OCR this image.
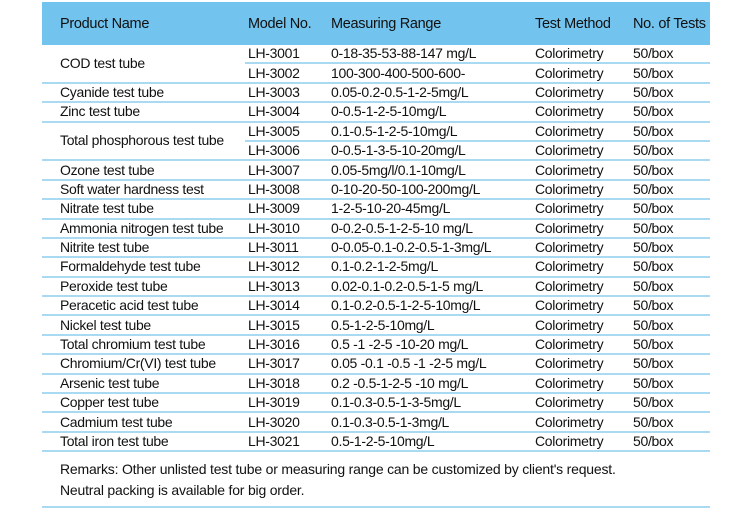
Product Name	Model No.	Measuring Range	Test Method	No. of Tests
COD test tube	LH-3001	0-18-35-53-88-147 mg/L	Colorimetry	50/box
	LH-3002	100-300-400-500-600-	Colorimetry	50/box
Cyanide test tube	LH-3003	0.05-0.2-0.5-1-2-5mg/L	Colorimetry	50/box
Zinc test tube	LH-3004	0-0.5-1-2-5-10mg/L	Colorimetry	50/box
Total phosphorous test tube	LH-3005	0.1-0.5-1-2-5-10mg/L	Colorimetry	50/box
	LH-3006	0-0.5-1-3-5-10-20mg/L	Colorimetry	50/box
Ozone test tube	LH-3007	0.05-5mg/l/0.1-10mg/L	Colorimetry	50/box
Soft water hardness test	LH-3008	0-10-20-50-100-200mg/L	Colorimetry	50/box
Nitrate test tube	LH-3009	1-2-5-10-20-45mg/L	Colorimetry	50/box
Ammonia nitrogen test tube	LH-3010	0-0.2-0.5-1-2-5-10 mg/L	Colorimetry	50/box
Nitrite test tube	LH-3011	0-0.05-0.1-0.2-0.5-1-3mg/L	Colorimetry	50/box
Formaldehyde test tube	LH-3012	0.1-0.2-1-2-5mg/L	Colorimetry	50/box
Peroxide test tube	LH-3013	0.02-0.1-0.2-0.5-1-5 mg/L	Colorimetry	50/box
Peracetic acid test tube	LH-3014	0.1-0.2-0.5-1-2-5-10mg/L	Colorimetry	50/box
Nickel test tube	LH-3015	0.5-1-2-5-10mg/L	Colorimetry	50/box
Total chromium test tube	LH-3016	0.5 -1 -2-5 -10-20 mg/L	Colorimetry	50/box
Chromium/Cr(VI) test tube	LH-3017	0.05 -0.1 -0.5 -1 -2-5 mg/L	Colorimetry	50/box
Arsenic test tube	LH-3018	0.2 -0.5-1-2-5 -10 mg/L	Colorimetry	50/box
Copper test tube	LH-3019	0.1-0.3-0.5-1-3-5mg/L	Colorimetry	50/box
Cadmium test tube	LH-3020	0.1-0.3-0.5-1-3mg/L	Colorimetry	50/box
Total iron test tube	LH-3021	0.5-1-2-5-10mg/L	Colorimetry	50/box
Remarks: Other unlisted test tube or measuring range can be customized by client's request.
Neutral packing is available for big order.
